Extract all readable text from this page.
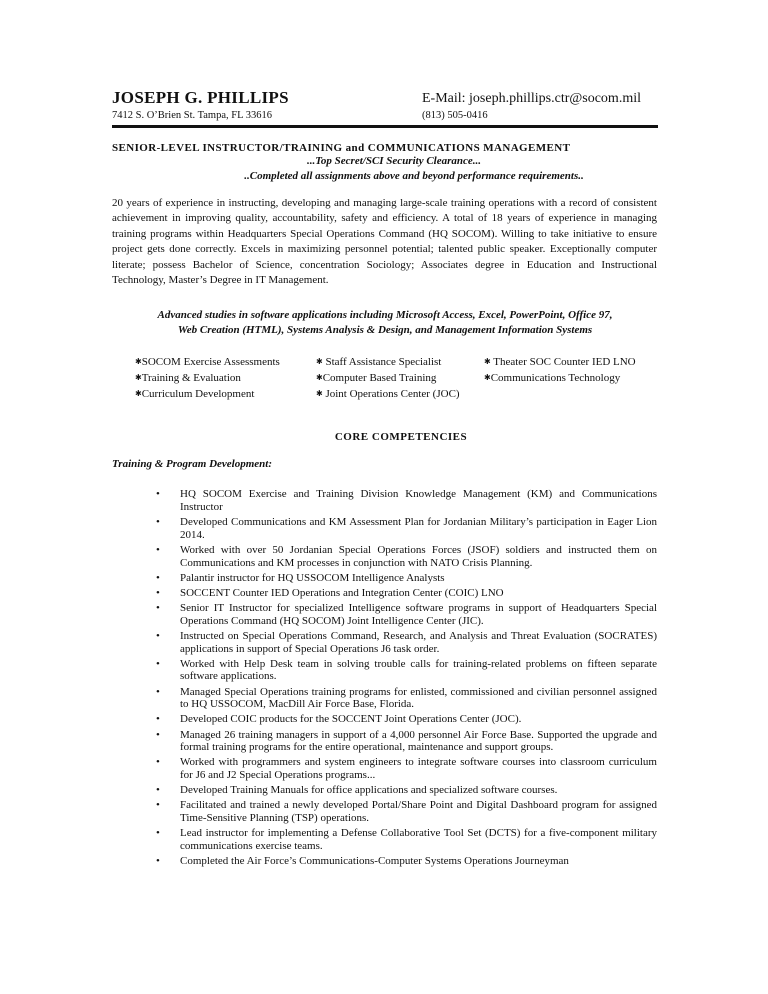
JOSEPH G. PHILLIPS	E-Mail: joseph.phillips.ctr@socom.mil
7412 S. O’Brien St. Tampa, FL 33616	(813) 505-0416
SENIOR-LEVEL INSTRUCTOR/TRAINING and COMMUNICATIONS MANAGEMENT
...Top Secret/SCI Security Clearance...
..Completed all assignments above and beyond performance requirements..
20 years of experience in instructing, developing and managing large-scale training operations with a record of consistent achievement in improving quality, accountability, safety and efficiency. A total of 18 years of experience in managing training programs within Headquarters Special Operations Command (HQ SOCOM). Willing to take initiative to ensure project gets done correctly. Excels in maximizing personnel potential; talented public speaker. Exceptionally computer literate; possess Bachelor of Science, concentration Sociology; Associates degree in Education and Instructional Technology, Master’s Degree in IT Management.
Advanced studies in software applications including Microsoft Access, Excel, PowerPoint, Office 97,
Web Creation (HTML), Systems Analysis & Design, and Management Information Systems
✱SOCOM Exercise Assessments
✱Training & Evaluation
✱Curriculum Development
✱ Staff Assistance Specialist
✱Computer Based Training
✱ Joint Operations Center (JOC)
✱ Theater SOC Counter IED LNO
✱Communications Technology
CORE COMPETENCIES
Training & Program Development:
• HQ SOCOM Exercise and Training Division Knowledge Management (KM) and Communications Instructor
• Developed Communications and KM Assessment Plan for Jordanian Military’s participation in Eager Lion 2014.
• Worked with over 50 Jordanian Special Operations Forces (JSOF) soldiers and instructed them on Communications and KM processes in conjunction with NATO Crisis Planning.
• Palantir instructor for HQ USSOCOM Intelligence Analysts
• SOCCENT Counter IED Operations and Integration Center (COIC) LNO
• Senior IT Instructor for specialized Intelligence software programs in support of Headquarters Special Operations Command (HQ SOCOM) Joint Intelligence Center (JIC).
• Instructed on Special Operations Command, Research, and Analysis and Threat Evaluation (SOCRATES) applications in support of Special Operations J6 task order.
• Worked with Help Desk team in solving trouble calls for training-related problems on fifteen separate software applications.
• Managed Special Operations training programs for enlisted, commissioned and civilian personnel assigned to HQ USSOCOM, MacDill Air Force Base, Florida.
• Developed COIC products for the SOCCENT Joint Operations Center (JOC).
• Managed 26 training managers in support of a 4,000 personnel Air Force Base. Supported the upgrade and formal training programs for the entire operational, maintenance and support groups.
• Worked with programmers and system engineers to integrate software courses into classroom curriculum for J6 and J2 Special Operations programs...
• Developed Training Manuals for office applications and specialized software courses.
• Facilitated and trained a newly developed Portal/Share Point and Digital Dashboard program for assigned Time-Sensitive Planning (TSP) operations.
• Lead instructor for implementing a Defense Collaborative Tool Set (DCTS) for a five-component military communications exercise teams.
• Completed the Air Force’s Communications-Computer Systems Operations Journeyman
